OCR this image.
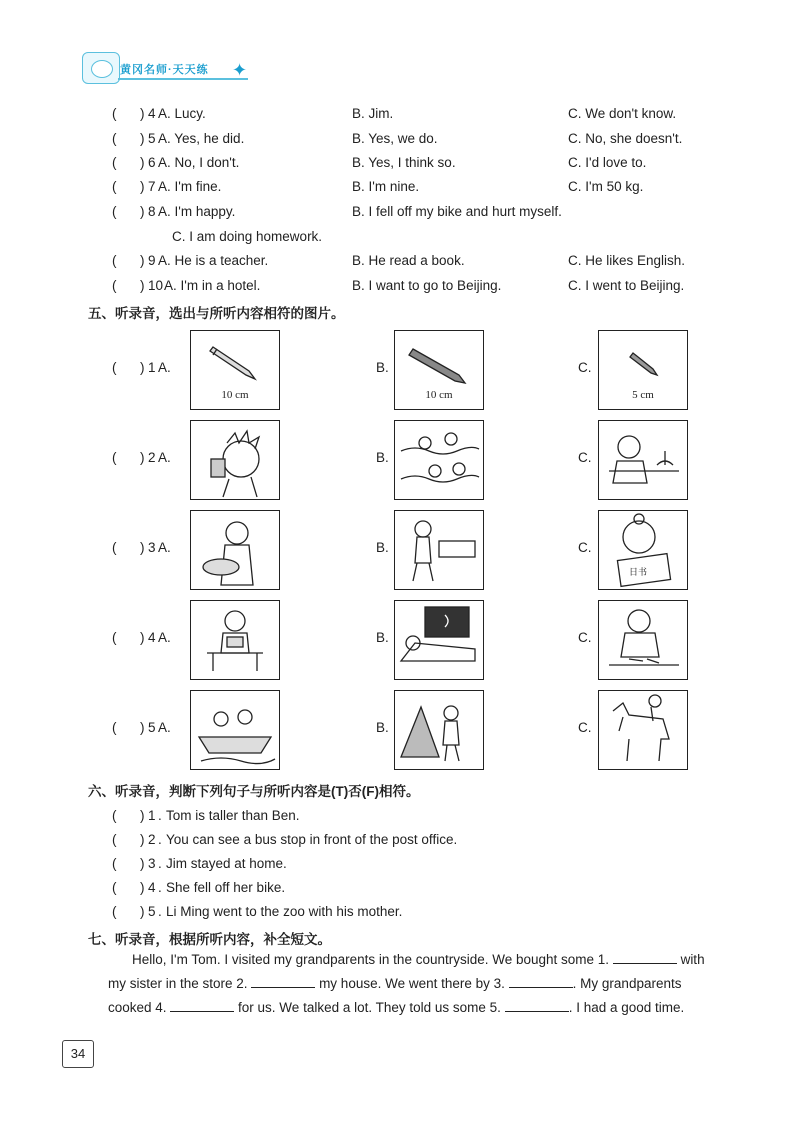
黄冈名师·天天练 ✦
( ) 4 A. Lucy.	B. Jim.	C. We don't know.
( ) 5 A. Yes, he did.	B. Yes, we do.	C. No, she doesn't.
( ) 6 A. No, I don't.	B. Yes, I think so.	C. I'd love to.
( ) 7 A. I'm fine.	B. I'm nine.	C. I'm 50 kg.
( ) 8 A. I'm happy.	B. I fell off my bike and hurt myself.
C. I am doing homework.
( ) 9 A. He is a teacher.	B. He read a book.	C. He likes English.
( ) 10 A. I'm in a hotel.	B. I want to go to Beijing.	C. I went to Beijing.
五、听录音，选出与所听内容相符的图片。
( ) 1 A.
10 cm
B.
10 cm
C.
5 cm
( ) 2 A.	B.	C.
( ) 3 A.	B.	C.
日书
( ) 4 A.	B.	C.
( ) 5 A.	B.	C.
六、听录音，判断下列句子与所听内容是(T)否(F)相符。
( ) 1 . Tom is taller than Ben.
( ) 2 . You can see a bus stop in front of the post office.
( ) 3 . Jim stayed at home.
( ) 4 . She fell off her bike.
( ) 5 . Li Ming went to the zoo with his mother.
七、听录音，根据所听内容，补全短文。
Hello, I'm Tom. I visited my grandparents in the countryside. We bought some 1.	with my sister in the store 2.	my house. We went there by 3.	. My grandparents cooked 4.	for us. We talked a lot. They told us some 5.	. I had a good time.
34
